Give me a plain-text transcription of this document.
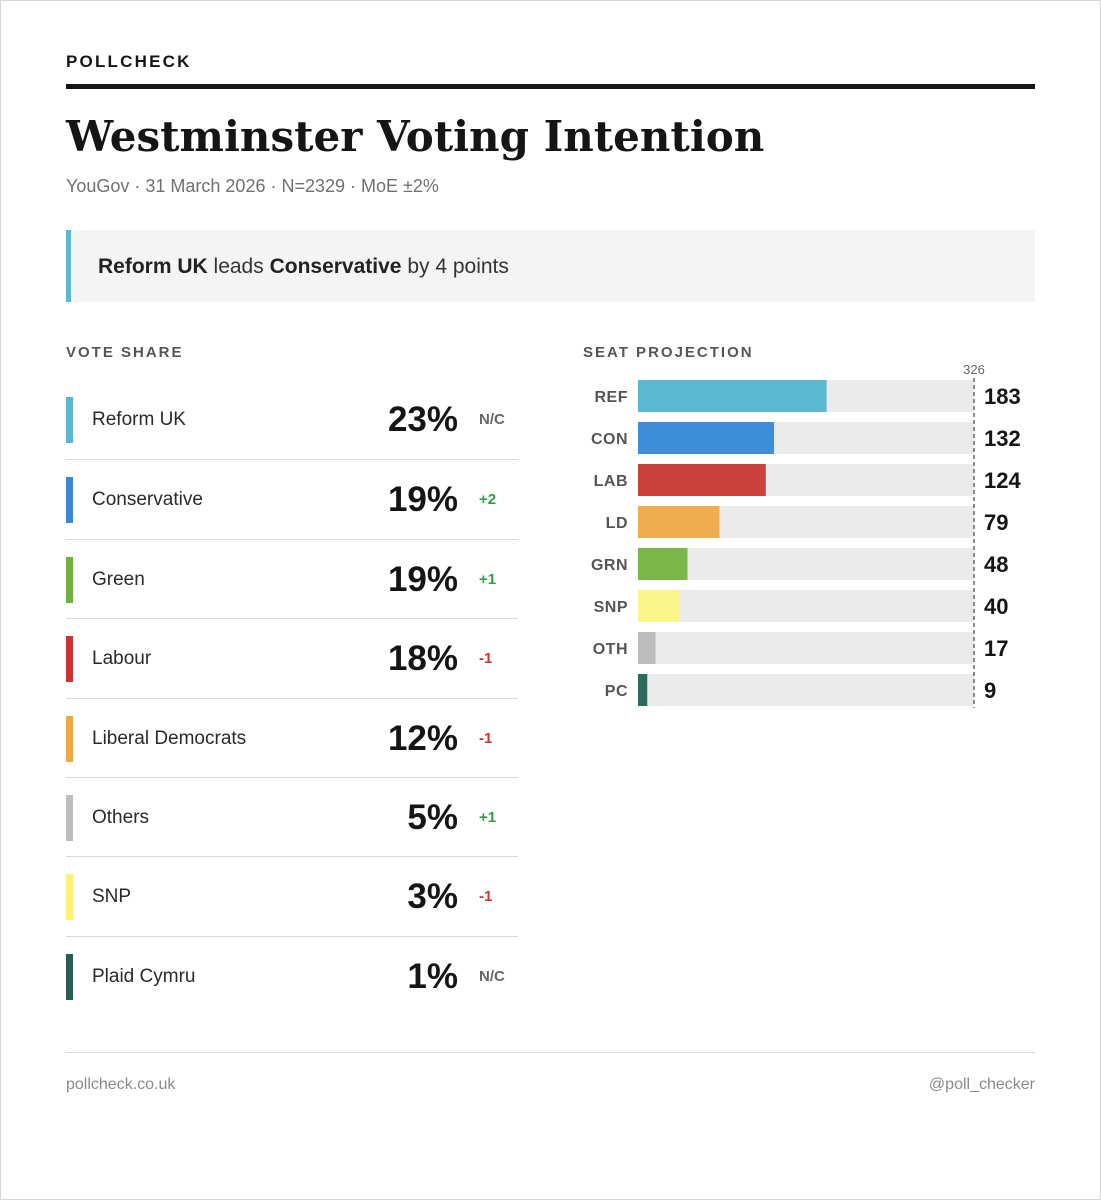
POLLCHECK
Westminster Voting Intention
YouGov · 31 March 2026 · N=2329 · MoE ±2%
Reform UK leads Conservative by 4 points
VOTE SHARE
Reform UK	23% N/C
Conservative	19% +2
Green	19% +1
Labour	18% -1
Liberal Democrats	12% -1
Others	5% +1
SNP	3% -1
Plaid Cymru	1% N/C
SEAT PROJECTION
REF	183
CON	132
LAB	124
LD	79
GRN	48
SNP	40
OTH	17
PC	9
326
pollcheck.co.uk	@poll_checker
